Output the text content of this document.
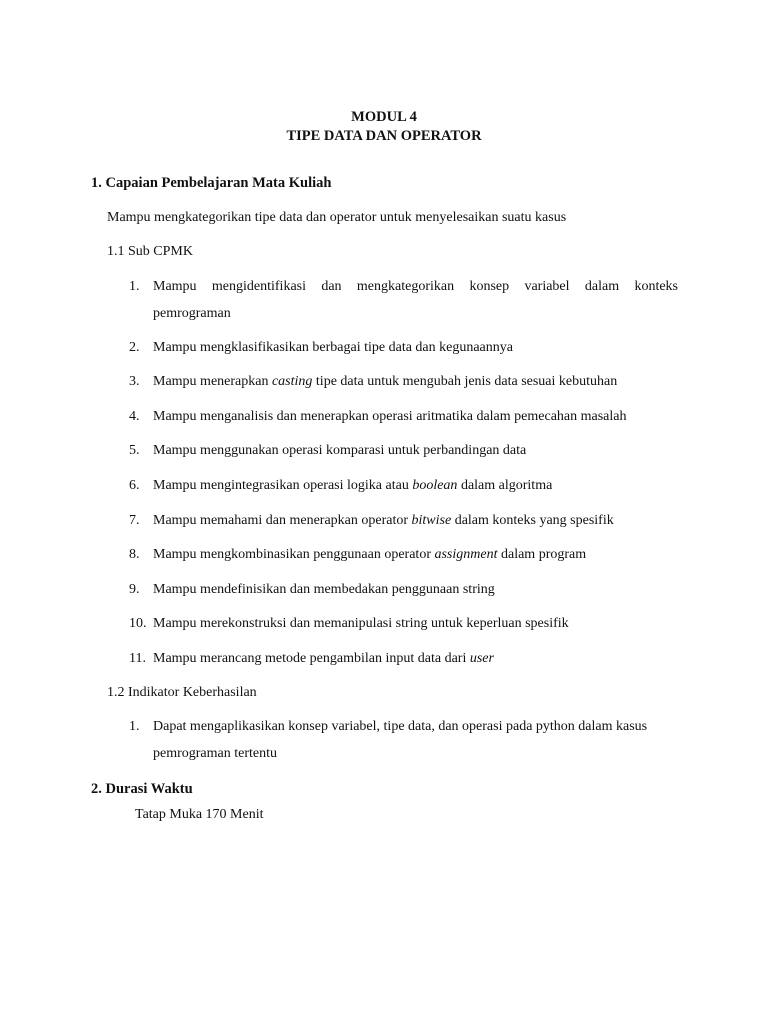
MODUL 4
TIPE DATA DAN OPERATOR
1. Capaian Pembelajaran Mata Kuliah
Mampu mengkategorikan tipe data dan operator untuk menyelesaikan suatu kasus
1.1 Sub CPMK
1. Mampu mengidentifikasi dan mengkategorikan konsep variabel dalam konteks
pemrograman
2. Mampu mengklasifikasikan berbagai tipe data dan kegunaannya
3. Mampu menerapkan casting tipe data untuk mengubah jenis data sesuai kebutuhan
4. Mampu menganalisis dan menerapkan operasi aritmatika dalam pemecahan masalah
5. Mampu menggunakan operasi komparasi untuk perbandingan data
6. Mampu mengintegrasikan operasi logika atau boolean dalam algoritma
7. Mampu memahami dan menerapkan operator bitwise dalam konteks yang spesifik
8. Mampu mengkombinasikan penggunaan operator assignment dalam program
9. Mampu mendefinisikan dan membedakan penggunaan string
10. Mampu merekonstruksi dan memanipulasi string untuk keperluan spesifik
11. Mampu merancang metode pengambilan input data dari user
1.2 Indikator Keberhasilan
1. Dapat mengaplikasikan konsep variabel, tipe data, dan operasi pada python dalam kasus
pemrograman tertentu
2. Durasi Waktu
Tatap Muka 170 Menit
